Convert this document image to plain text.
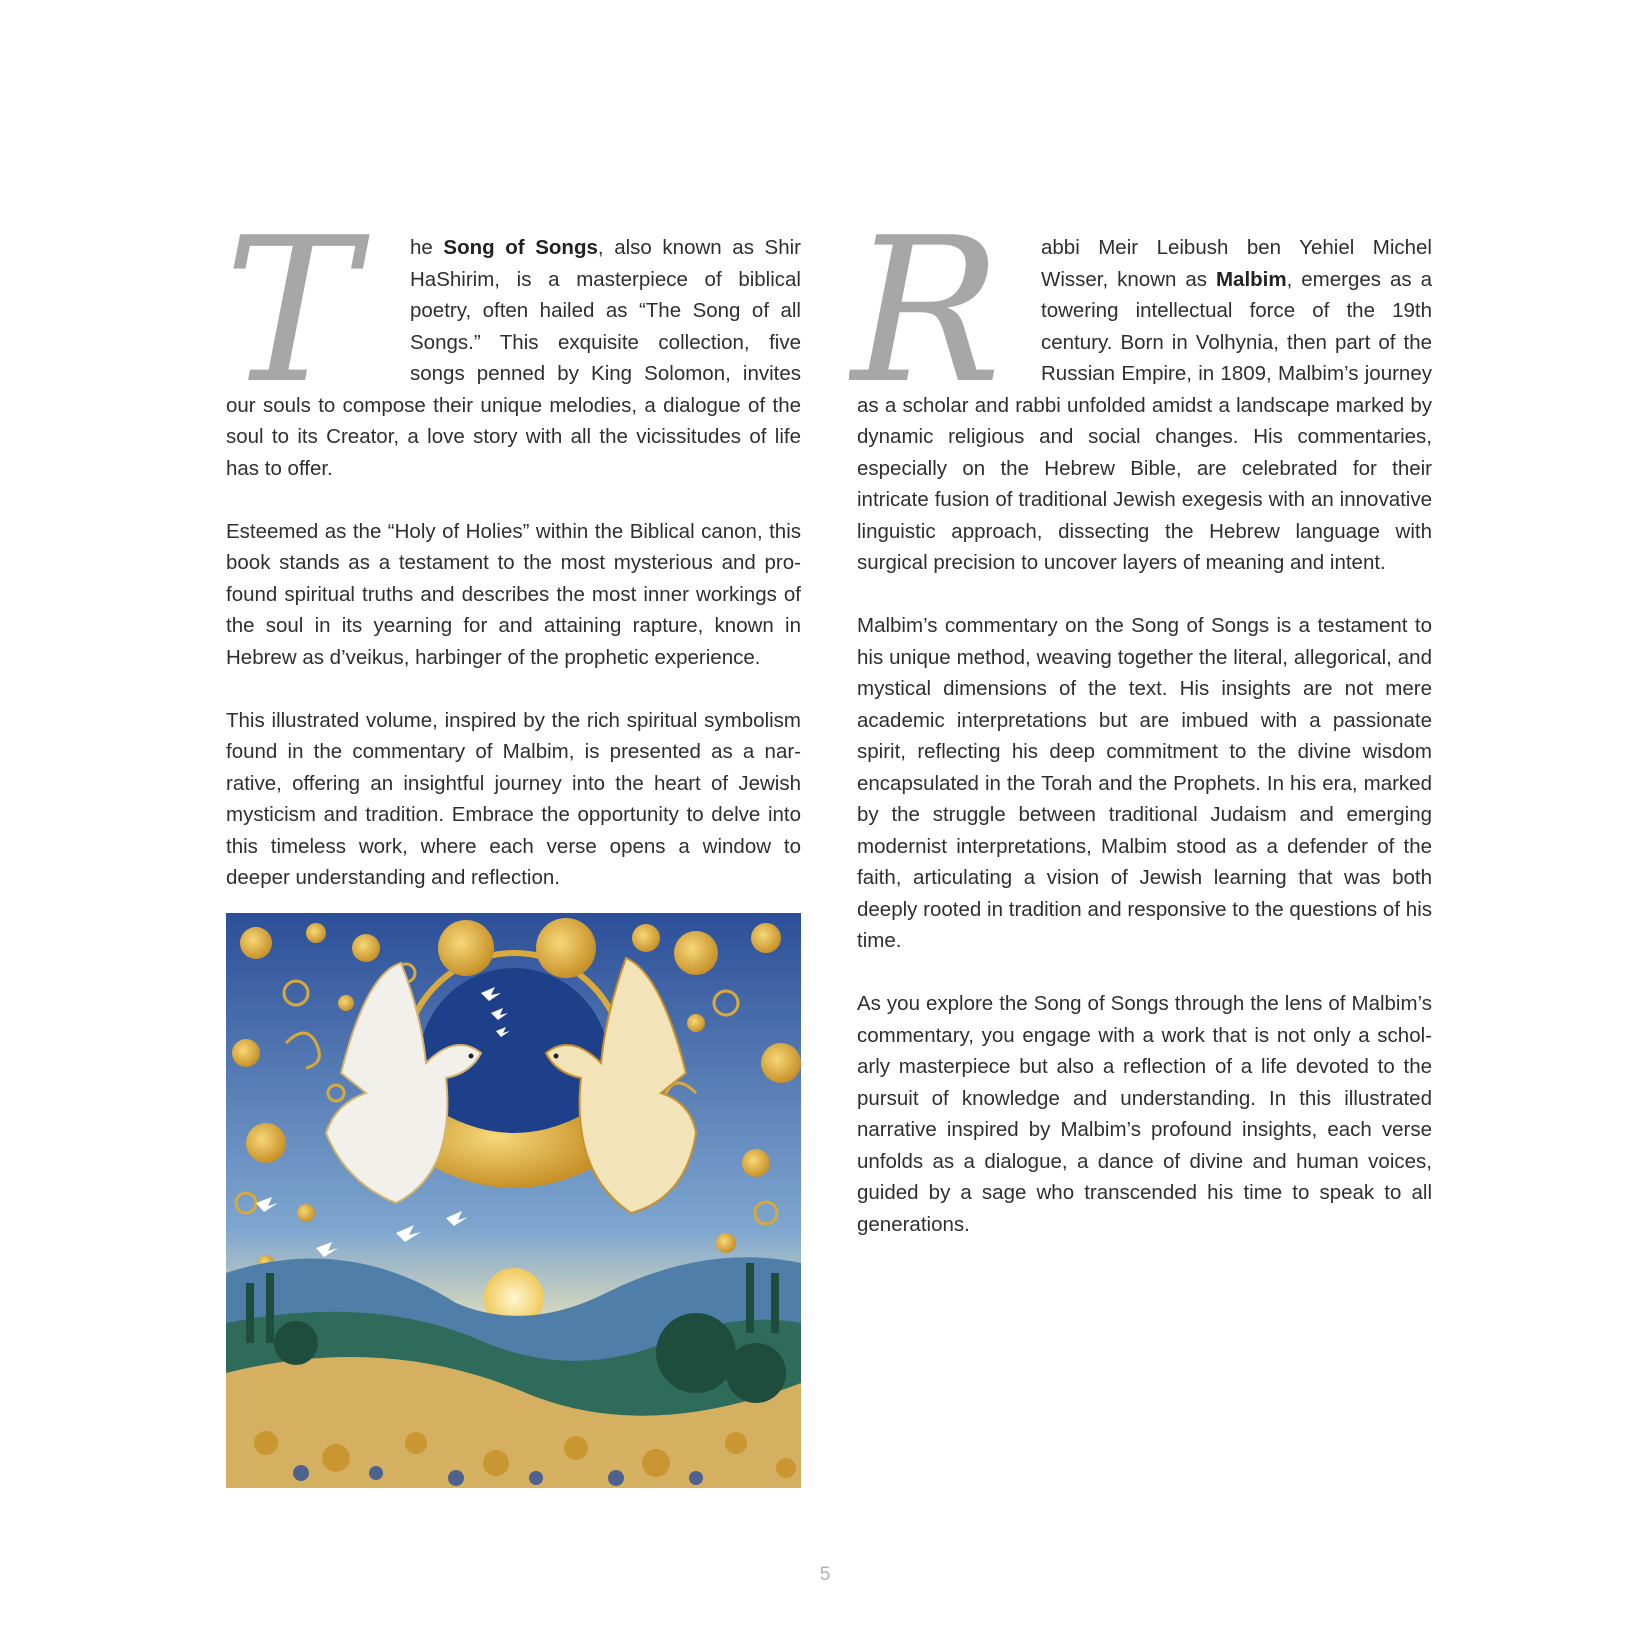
T	he Song of Songs, also known as Shir HaShirim, is a masterpiece of biblical poetry, often hailed as “The Song of all Songs.” This exquisite collection, five songs penned by King Solomon, invites our souls to compose their unique melodies, a dialogue of the soul to its Creator, a love story with all the vicissitudes of life has to offer.

Esteemed as the “Holy of Holies” within the Biblical canon, this book stands as a testament to the most mysterious and profound spiritual truths and describes the most inner workings of the soul in its yearning for and attaining rapture, known in Hebrew as d’veikus, harbinger of the prophetic experience.

This illustrated volume, inspired by the rich spiritual symbolism found in the commentary of Malbim, is presented as a narrative, offering an insightful journey into the heart of Jewish mysticism and tradition. Embrace the opportunity to delve into this timeless work, where each verse opens a window to deeper understanding and reflection.

R	abbi Meir Leibush ben Yehiel Michel Wisser, known as Malbim, emerges as a towering intellectual force of the 19th century. Born in Volhynia, then part of the Russian Empire, in 1809, Malbim’s journey as a scholar and rabbi unfolded amidst a landscape marked by dynamic religious and social changes. His commentaries, especially on the Hebrew Bible, are celebrated for their intricate fusion of traditional Jewish exegesis with an innovative linguistic approach, dissecting the Hebrew language with surgical precision to uncover layers of meaning and intent.

Malbim’s commentary on the Song of Songs is a testament to his unique method, weaving together the literal, allegorical, and mystical dimensions of the text. His insights are not mere academic interpretations but are imbued with a passionate spirit, reflecting his deep commitment to the divine wisdom encapsulated in the Torah and the Prophets. In his era, marked by the struggle between traditional Judaism and emerging modernist interpretations, Malbim stood as a defender of the faith, articulating a vision of Jewish learning that was both deeply rooted in tradition and responsive to the questions of his time.

As you explore the Song of Songs through the lens of Malbim’s commentary, you engage with a work that is not only a scholarly masterpiece but also a reflection of a life devoted to the pursuit of knowledge and understanding. In this illustrated narrative inspired by Malbim’s profound insights, each verse unfolds as a dialogue, a dance of divine and human voices, guided by a sage who transcended his time to speak to all generations.

5
